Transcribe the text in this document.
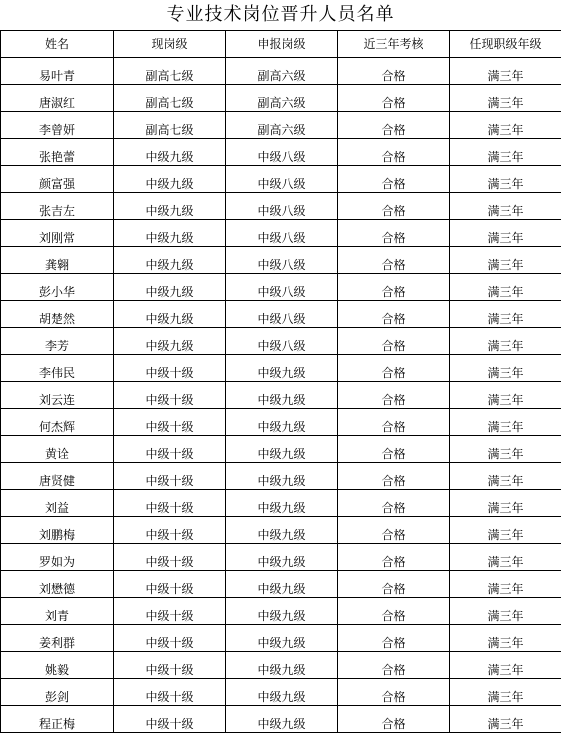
专业技术岗位晋升人员名单
姓名	现岗级	申报岗级	近三年考核	任现职级年级
易叶青	副高七级	副高六级	合格	满三年
唐淑红	副高七级	副高六级	合格	满三年
李曾妍	副高七级	副高六级	合格	满三年
张艳蕾	中级九级	中级八级	合格	满三年
颜富强	中级九级	中级八级	合格	满三年
张吉左	中级九级	中级八级	合格	满三年
刘刚常	中级九级	中级八级	合格	满三年
龚翱	中级九级	中级八级	合格	满三年
彭小华	中级九级	中级八级	合格	满三年
胡楚然	中级九级	中级八级	合格	满三年
李芳	中级九级	中级八级	合格	满三年
李伟民	中级十级	中级九级	合格	满三年
刘云连	中级十级	中级九级	合格	满三年
何杰辉	中级十级	中级九级	合格	满三年
黄诠	中级十级	中级九级	合格	满三年
唐贤健	中级十级	中级九级	合格	满三年
刘益	中级十级	中级九级	合格	满三年
刘鹏梅	中级十级	中级九级	合格	满三年
罗如为	中级十级	中级九级	合格	满三年
刘懋德	中级十级	中级九级	合格	满三年
刘青	中级十级	中级九级	合格	满三年
姜利群	中级十级	中级九级	合格	满三年
姚毅	中级十级	中级九级	合格	满三年
彭剑	中级十级	中级九级	合格	满三年
程正梅	中级十级	中级九级	合格	满三年
